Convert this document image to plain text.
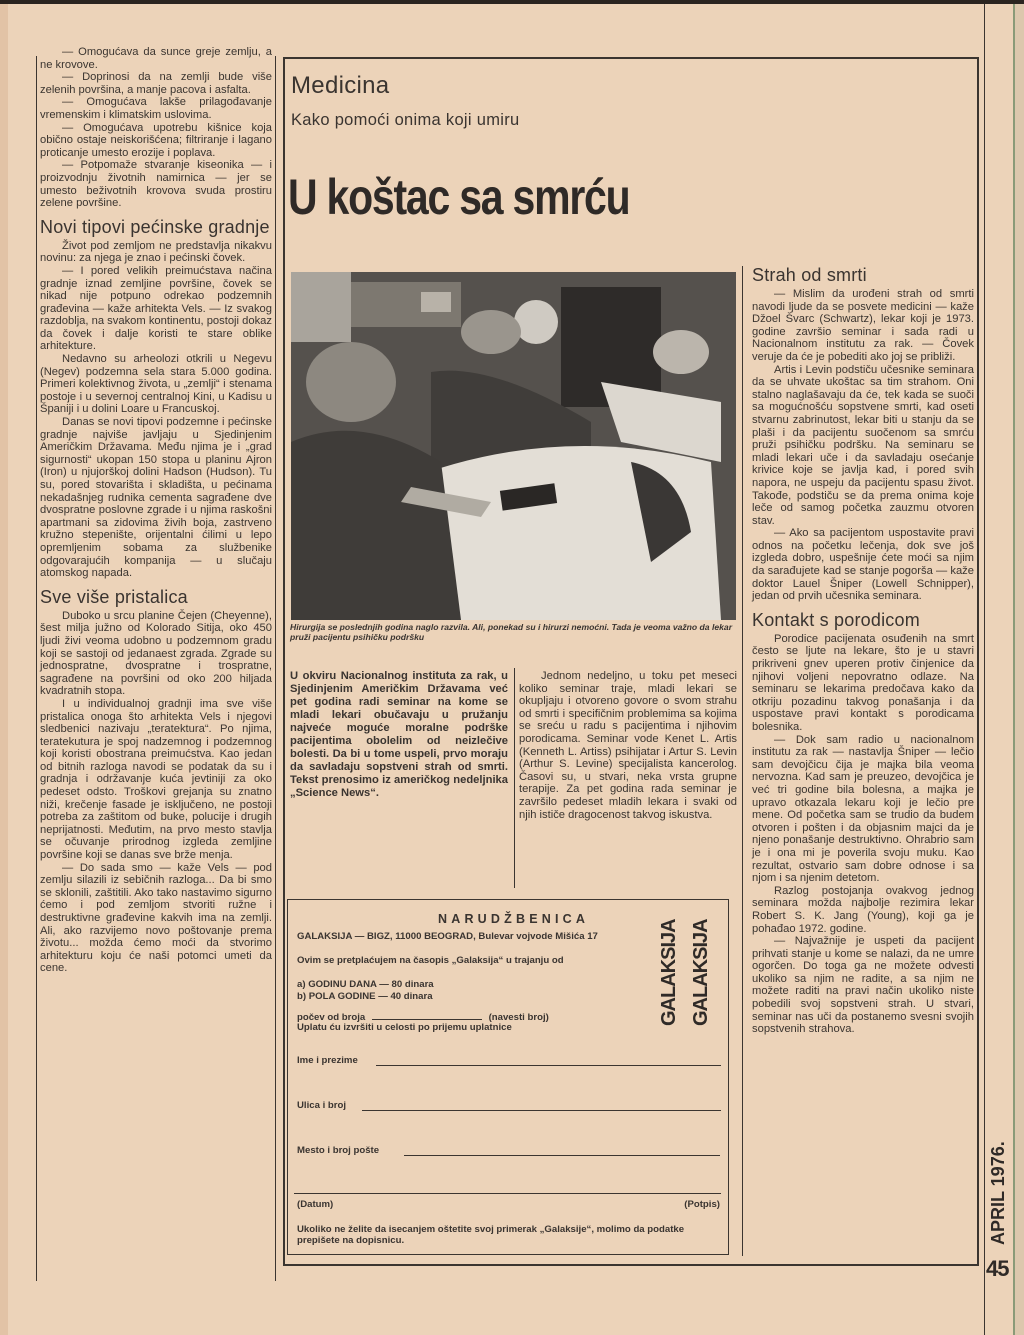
— Omogućava da sunce greje zemlju, a ne krovove.

— Doprinosi da na zemlji bude više zelenih površina, a manje pacova i asfalta.

— Omogućava lakše prilagođavanje vremenskim i klimatskim uslovima.

— Omogućava upotrebu kišnice koja obično ostaje neiskorišćena; filtriranje i lagano proticanje umesto erozije i poplava.

— Potpomaže stvaranje kiseonika — i proizvodnju životnih namirnica — jer se umesto beživotnih krovova svuda prostiru zelene površine.

Novi tipovi pećinske gradnje

Život pod zemljom ne predstavlja nikakvu novinu: za njega je znao i pećinski čovek.

— I pored velikih preimućstava načina gradnje iznad zemljine površine, čovek se nikad nije potpuno odrekao podzemnih građevina — kaže arhitekta Vels. — Iz svakog razdoblja, na svakom kontinentu, postoji dokaz da čovek i dalje koristi te stare oblike arhitekture.

Nedavno su arheolozi otkrili u Negevu (Negev) podzemna sela stara 5.000 godina. Primeri kolektivnog života, u „zemlji“ i stenama postoje i u severnoj centralnoj Kini, u Kadisu u Španiji i u dolini Loare u Francuskoj.

Danas se novi tipovi podzemne i pećinske gradnje najviše javljaju u Sjedinjenim Američkim Državama. Među njima je i „grad sigurnosti“ ukopan 150 stopa u planinu Ajron (Iron) u njujorškoj dolini Hadson (Hudson). Tu su, pored stovarišta i skladišta, u pećinama nekadašnjeg rudnika cementa sagrađene dve dvospratne poslovne zgrade i u njima raskošni apartmani sa zidovima živih boja, zastrveno kružno stepenište, orijentalni ćilimi u lepo opremljenim sobama za službenike odgovarajućih kompanija — u slučaju atomskog napada.

Sve više pristalica

Duboko u srcu planine Čejen (Cheyenne), šest milja južno od Kolorado Sitija, oko 450 ljudi živi veoma udobno u podzemnom gradu koji se sastoji od jedanaest zgrada. Zgrade su jednospratne, dvospratne i trospratne, sagrađene na površini od oko 200 hiljada kvadratnih stopa.

I u individualnoj gradnji ima sve više pristalica onoga što arhitekta Vels i njegovi sledbenici nazivaju „teratektura“. Po njima, teratekutura je spoj nadzemnog i podzemnog koji koristi obostrana preimućstva. Kao jedan od bitnih razloga navodi se podatak da su i gradnja i održavanje kuća jevtiniji za oko pedeset odsto. Troškovi grejanja su znatno niži, krečenje fasade je isključeno, ne postoji potreba za zaštitom od buke, polucije i drugih neprijatnosti. Međutim, na prvo mesto stavlja se očuvanje prirodnog izgleda zemljine površine koji se danas sve brže menja.

— Do sada smo — kaže Vels — pod zemlju silazili iz sebičnih razloga... Da bi smo se sklonili, zaštitili. Ako tako nastavimo sigurno ćemo i pod zemljom stvoriti ružne i destruktivne građevine kakvih ima na zemlji. Ali, ako razvijemo novo poštovanje prema životu... možda ćemo moći da stvorimo arhitekturu koju će naši potomci umeti da cene.

Medicina
Kako pomoći onima koji umiru
U koštac sa smrću
Hirurgija se poslednjih godina naglo razvila. Ali, ponekad su i hirurzi nemoćni. Tada je veoma važno da lekar pruži pacijentu psihičku podršku
U okviru Nacionalnog instituta za rak, u Sjedinjenim Američkim Državama već pet godina radi seminar na kome se mladi lekari obučavaju u pružanju najveće moguće moralne podrške pacijentima obolelim od neizlečive bolesti. Da bi u tome uspeli, prvo moraju da savladaju sopstveni strah od smrti. Tekst prenosimo iz američkog nedeljnika „Science News“.

Jednom nedeljno, u toku pet meseci koliko seminar traje, mladi lekari se okupljaju i otvoreno govore o svom strahu od smrti i specifičnim problemima sa kojima se sreću u radu s pacijentima i njihovim porodicama. Seminar vode Kenet L. Artis (Kenneth L. Artiss) psihijatar i Artur S. Levin (Arthur S. Levine) specijalista kancerolog. Časovi su, u stvari, neka vrsta grupne terapije. Za pet godina rada seminar je završilo pedeset mladih lekara i svaki od njih ističe dragocenost takvog iskustva.

Strah od smrti

— Mislim da urođeni strah od smrti navodi ljude da se posvete medicini — kaže Džoel Švarc (Schwartz), lekar koji je 1973. godine završio seminar i sada radi u Nacionalnom institutu za rak. — Čovek veruje da će je pobediti ako joj se približi.

Artis i Levin podstiču učesnike seminara da se uhvate ukoštac sa tim strahom. Oni stalno naglašavaju da će, tek kada se suoči sa mogućnošću sopstvene smrti, kad oseti stvarnu zabrinutost, lekar biti u stanju da se plaši i da pacijentu suočenom sa smrću pruži psihičku podršku. Na seminaru se mladi lekari uče i da savladaju osećanje krivice koje se javlja kad, i pored svih napora, ne uspeju da pacijentu spasu život. Takođe, podstiču se da prema onima koje leče od samog početka zauzmu otvoren stav.

— Ako sa pacijentom uspostavite pravi odnos na početku lečenja, dok sve još izgleda dobro, uspešnije ćete moći sa njim da sarađujete kad se stanje pogorša — kaže doktor Lauel Šniper (Lowell Schnipper), jedan od prvih učesnika seminara.

Kontakt s porodicom

Porodice pacijenata osuđenih na smrt često se ljute na lekare, što je u stavri prikriveni gnev uperen protiv činjenice da njihovi voljeni nepovratno odlaze. Na seminaru se lekarima predočava kako da otkriju pozadinu takvog ponašanja i da uspostave pravi kontakt s porodicama bolesnika.

— Dok sam radio u nacionalnom institutu za rak — nastavlja Šniper — lečio sam devojčicu čija je majka bila veoma nervozna. Kad sam je preuzeo, devojčica je već tri godine bila bolesna, a majka je upravo otkazala lekaru koji je lečio pre mene. Od početka sam se trudio da budem otvoren i pošten i da objasnim majci da je njeno ponašanje destruktivno. Ohrabrio sam je i ona mi je poverila svoju muku. Kao rezultat, ostvario sam dobre odnose i sa njom i sa njenim detetom.

Razlog postojanja ovakvog jednog seminara možda najbolje rezimira lekar Robert S. K. Jang (Young), koji ga je pohađao 1972. godine.

— Najvažnije je uspeti da pacijent prihvati stanje u kome se nalazi, da ne umre ogorčen. Do toga ga ne možete odvesti ukoliko sa njim ne radite, a sa njim ne možete raditi na pravi način ukoliko niste pobedili svoj sopstveni strah. U stvari, seminar nas uči da postanemo svesni svojih sopstvenih strahova.

NARUDŽBENICA
GALAKSIJA — BIGZ, 11000 BEOGRAD, Bulevar vojvode Mišića 17
Ovim se pretplaćujem na časopis „Galaksija“ u trajanju od
a) GODINU DANA — 80 dinara
b) POLA GODINE — 40 dinara
počev od broja	(navesti broj)
Uplatu ću izvršiti u celosti po prijemu uplatnice
GALAKSIJA GALAKSIJA
Ime i prezime
Ulica i broj
Mesto i broj pošte
(Datum)	(Potpis)
Ukoliko ne želite da isecanjem oštetite svoj primerak „Galaksije“, molimo da podatke prepišete na dopisnicu.	APRIL 1976.
45
